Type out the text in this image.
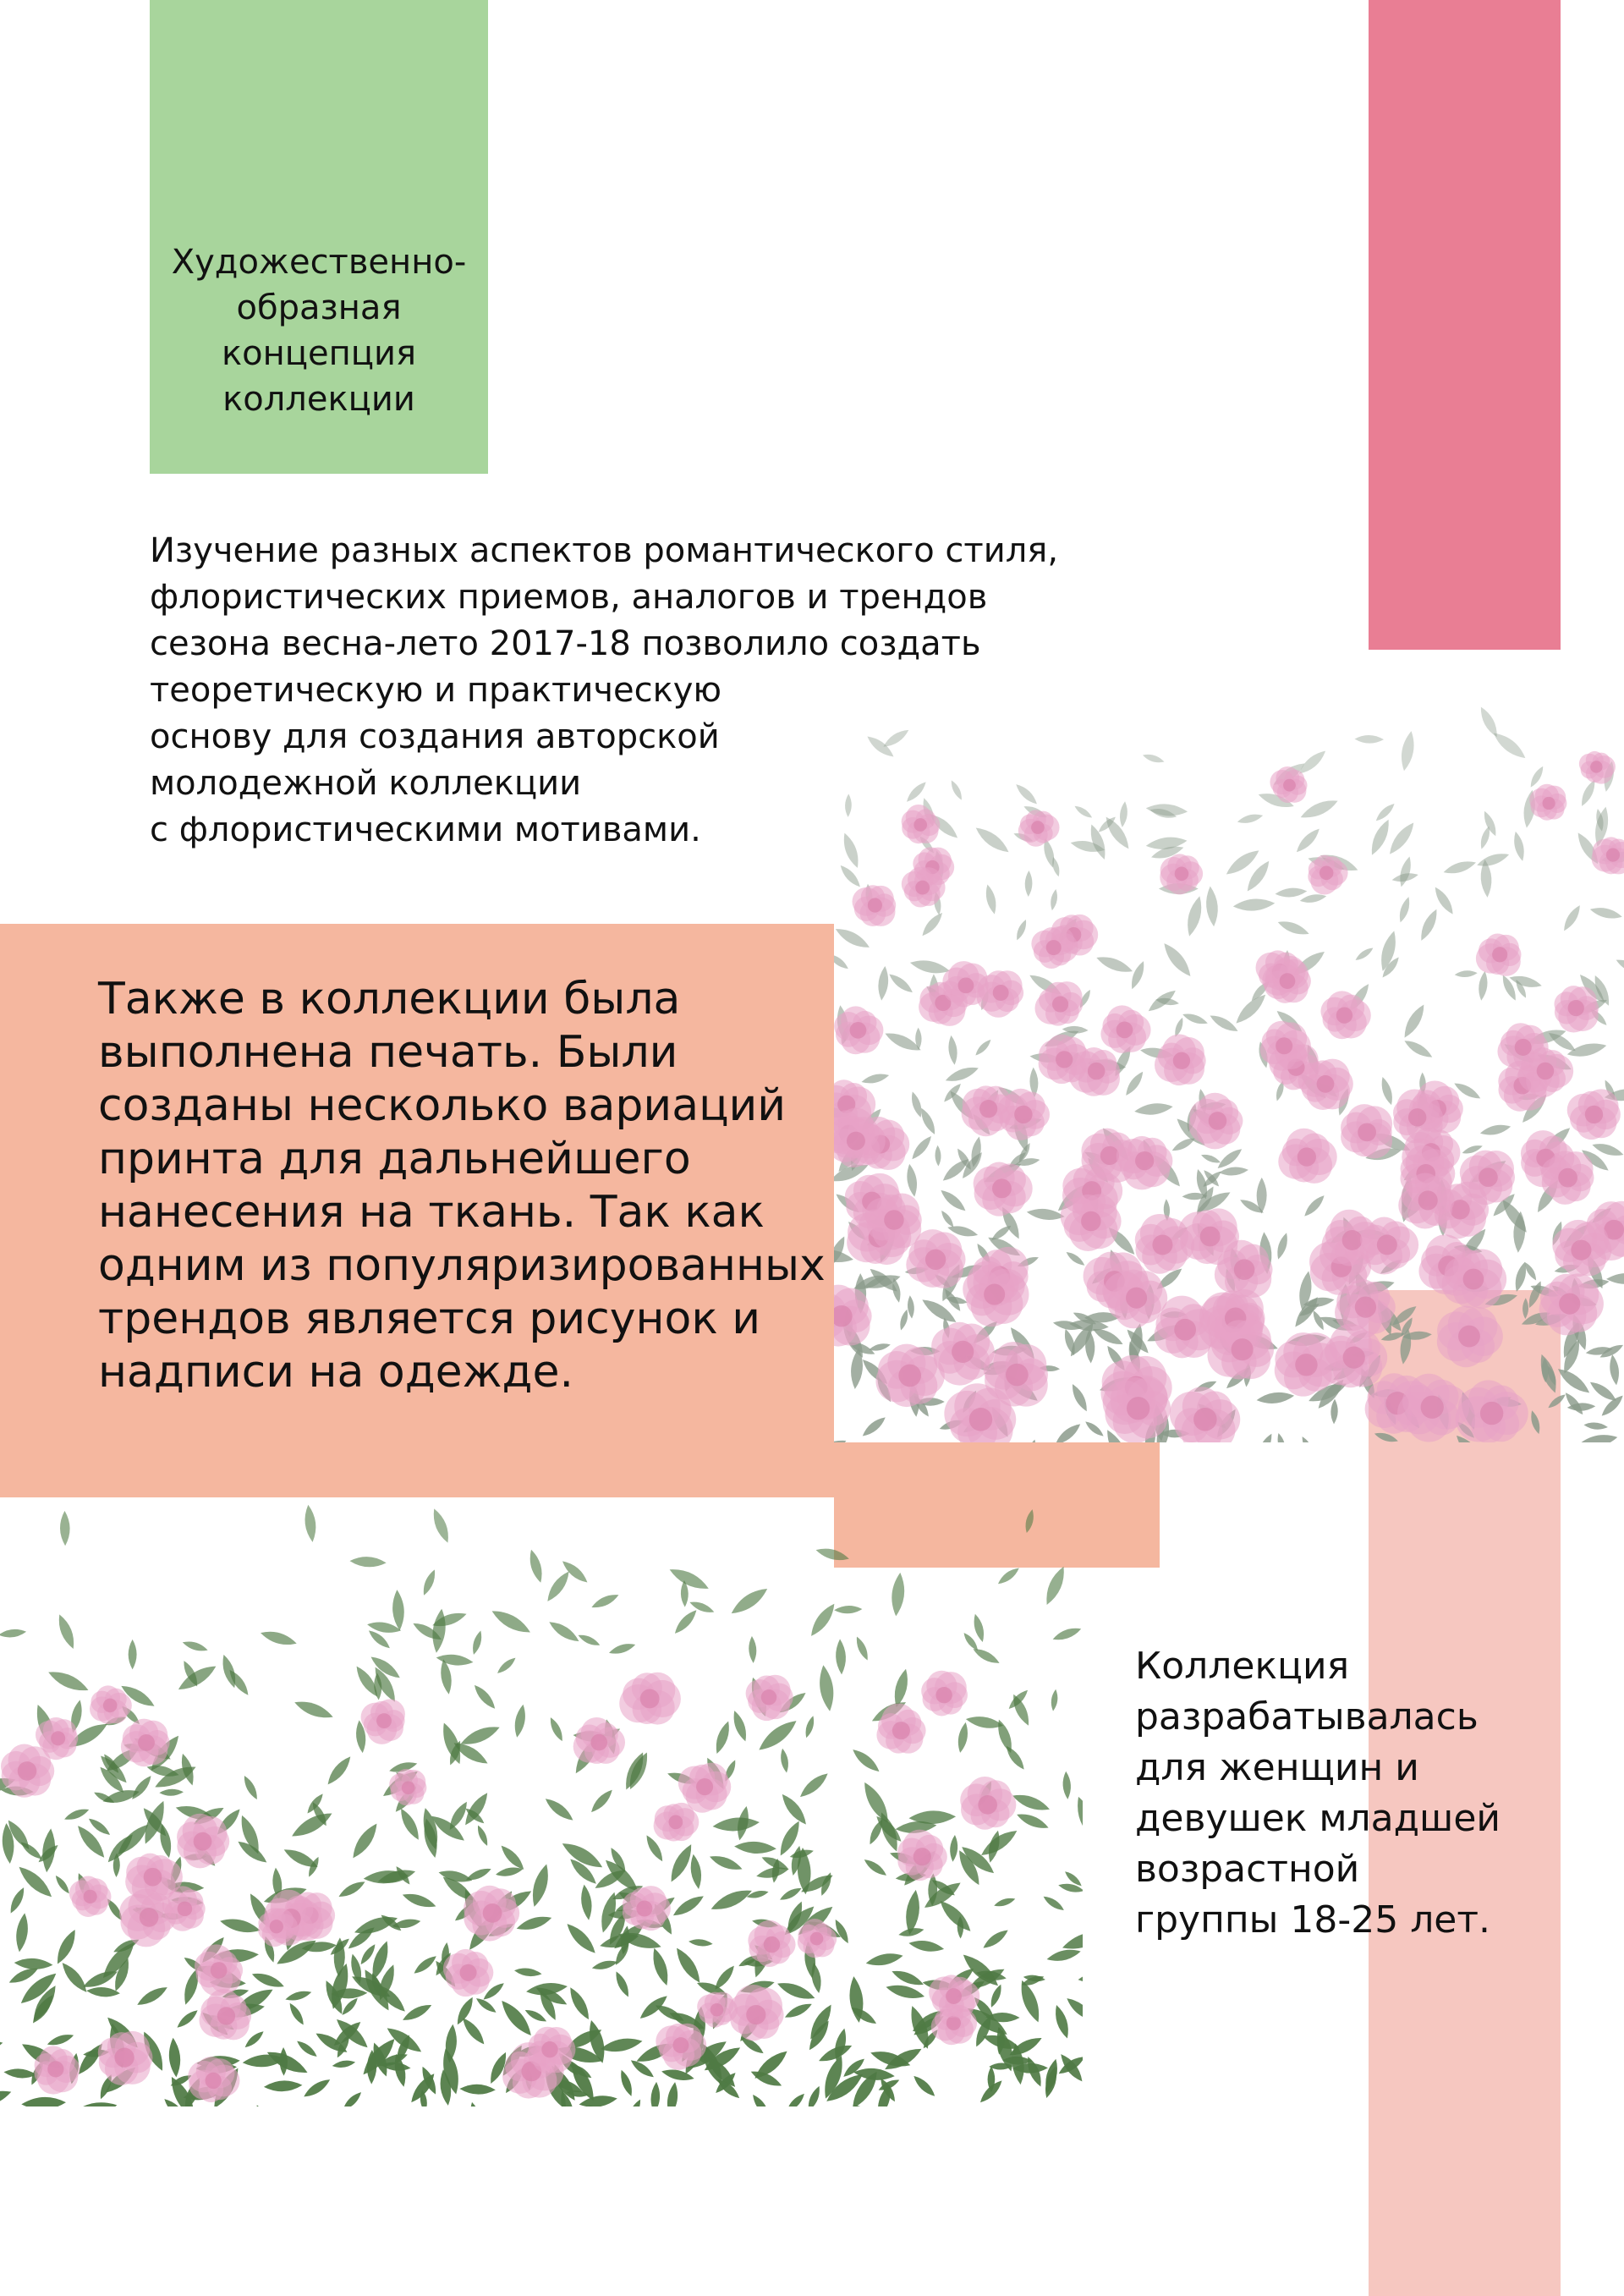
Художественно-
образная
концепция
коллекции
Изучение разных аспектов романтического стиля,
флористических приемов, аналогов и трендов
сезона весна-лето 2017-18 позволило создать
теоретическую и практическую
основу для создания авторской
молодежной коллекции
с флористическими мотивами.
Также в коллекции была
выполнена печать. Были
созданы несколько вариаций
принта для дальнейшего
нанесения на ткань. Так как
одним из популяризированных
трендов является рисунок и
надписи на одежде.
Коллекция
разрабатывалась
для женщин и
девушек младшей
возрастной
группы 18-25 лет.
